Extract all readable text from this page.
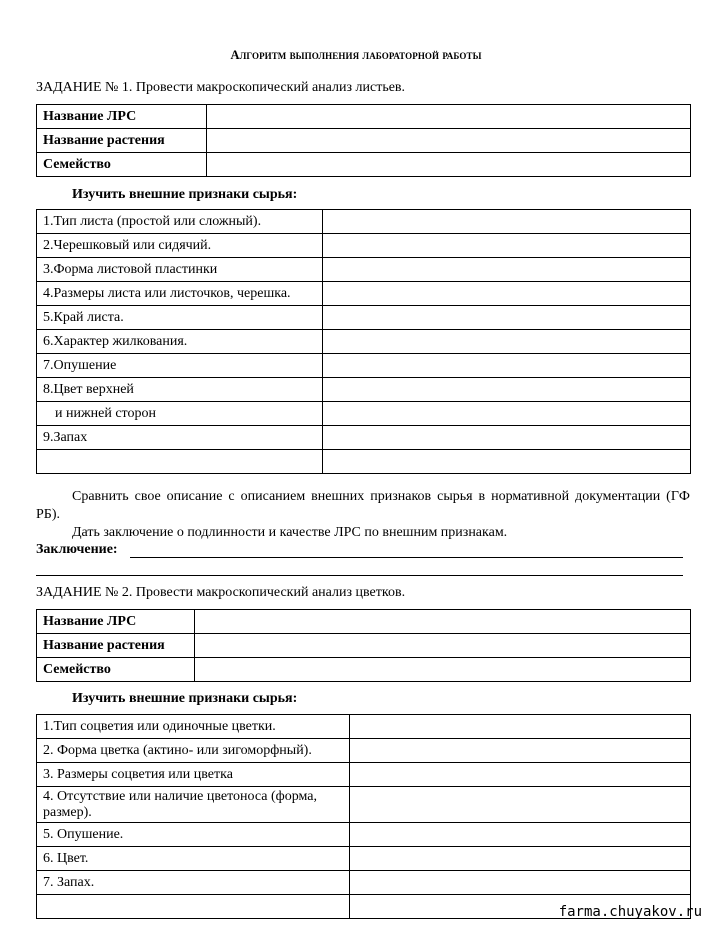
Алгоритм выполнения лабораторной работы
ЗАДАНИЕ № 1. Провести макроскопический анализ листьев.
Название ЛРС	
Название растения	
Семейство	
Изучить внешние признаки сырья:
1.Тип листа (простой или сложный).	
2.Черешковый или сидячий.	
3.Форма листовой пластинки	
4.Размеры листа или листочков, черешка.	
5.Край листа.	
6.Характер жилкования.	
7.Опушение	
8.Цвет верхней	
и нижней сторон	
9.Запах	

Сравнить свое описание с описанием внешних признаков сырья в нормативной документации (ГФ РБ).

Дать заключение о подлинности и качестве ЛРС по внешним признакам.

Заключение:
ЗАДАНИЕ № 2. Провести макроскопический анализ цветков.
Название ЛРС	
Название растения	
Семейство	
Изучить внешние признаки сырья:
1.Тип соцветия или одиночные цветки.	
2. Форма цветка (актино- или зигоморфный).	
3. Размеры соцветия или цветка	
4. Отсутствие или наличие цветоноса (форма, размер).	
5. Опушение.	
6. Цвет.	
7. Запах.	

farma.chuyakov.ru
